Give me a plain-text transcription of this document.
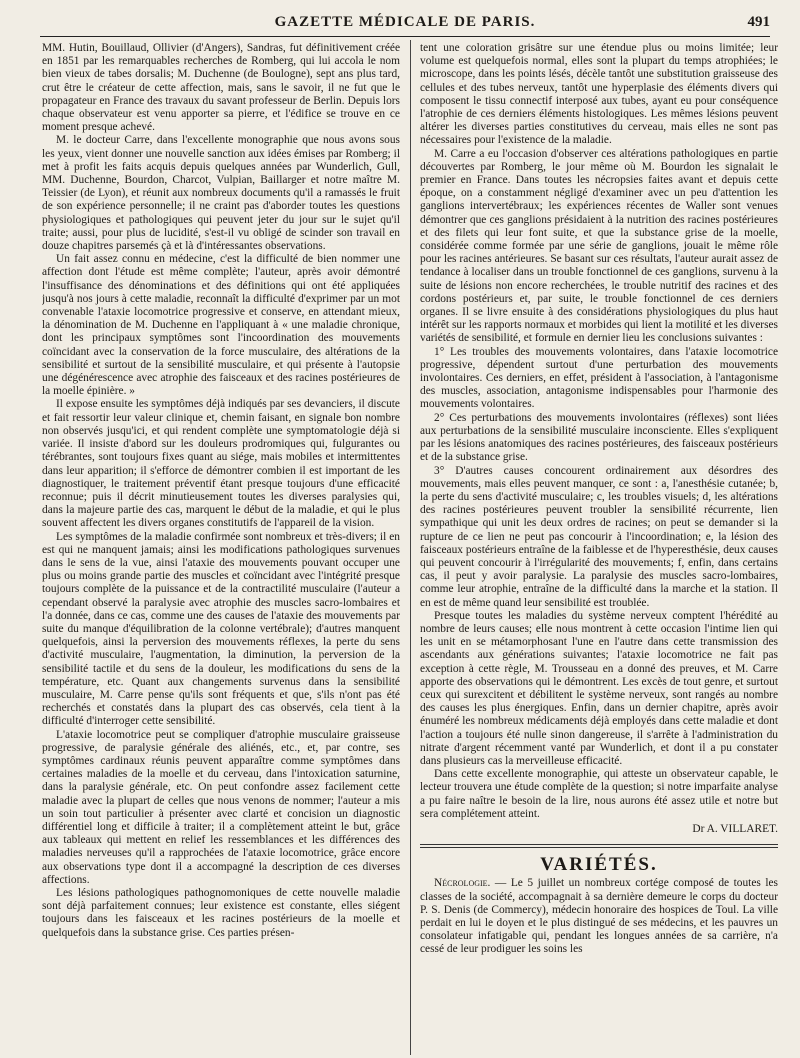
GAZETTE MÉDICALE DE PARIS.	491

MM. Hutin, Bouillaud, Ollivier (d'Angers), Sandras, fut définitivement créée en 1851 par les remarquables recherches de Romberg, qui lui accola le nom bien vieux de tabes dorsalis; M. Duchenne (de Boulogne), sept ans plus tard, crut être le créateur de cette affection, mais, sans le savoir, il ne fut que le propagateur en France des travaux du savant professeur de Berlin. Depuis lors chaque observateur est venu apporter sa pierre, et l'édifice se trouve en ce moment presque achevé.

M. le docteur Carre, dans l'excellente monographie que nous avons sous les yeux, vient donner une nouvelle sanction aux idées émises par Romberg; il met à profit les faits acquis depuis quelques années par Wunderlich, Gull, MM. Duchenne, Bourdon, Charcot, Vulpian, Baillarger et notre maître M. Teissier (de Lyon), et réunit aux nombreux documents qu'il a ramassés le fruit de son expérience personnelle; il ne craint pas d'aborder toutes les questions physiologiques et pathologiques qui peuvent jeter du jour sur le sujet qu'il traite; aussi, pour plus de lucidité, s'est-il vu obligé de scinder son travail en douze chapitres parsemés çà et là d'intéressantes observations.

Un fait assez connu en médecine, c'est la difficulté de bien nommer une affection dont l'étude est même complète; l'auteur, après avoir démontré l'insuffisance des dénominations et des définitions qui ont été appliquées jusqu'à nos jours à cette maladie, reconnaît la difficulté d'exprimer par un mot convenable l'ataxie locomotrice progressive et conserve, en attendant mieux, la dénomination de M. Duchenne en l'appliquant à « une maladie chronique, dont les principaux symptômes sont l'incoordination des mouvements coïncidant avec la conservation de la force musculaire, des altérations de la sensibilité et surtout de la sensibilité musculaire, et qui présente à l'autopsie une dégénérescence avec atrophie des faisceaux et des racines postérieures de la moelle épinière. »

Il expose ensuite les symptômes déjà indiqués par ses devanciers, il discute et fait ressortir leur valeur clinique et, chemin faisant, en signale bon nombre non observés jusqu'ici, et qui rendent complète une symptomatologie déjà si variée. Il insiste d'abord sur les douleurs prodromiques qui, fulgurantes ou térébrantes, sont toujours fixes quant au siége, mais mobiles et intermittentes dans leur apparition; il s'efforce de démontrer combien il est important de les diagnostiquer, le traitement préventif étant presque toujours d'une efficacité reconnue; puis il décrit minutieusement toutes les diverses paralysies qui, dans la majeure partie des cas, marquent le début de la maladie, et qui le plus souvent affectent les divers organes constitutifs de l'appareil de la vision.

Les symptômes de la maladie confirmée sont nombreux et très-divers; il en est qui ne manquent jamais; ainsi les modifications pathologiques survenues dans le sens de la vue, ainsi l'ataxie des mouvements pouvant occuper une plus ou moins grande partie des muscles et coïncidant avec l'intégrité presque toujours complète de la puissance et de la contractilité musculaire (l'auteur a cependant observé la paralysie avec atrophie des muscles sacro-lombaires et l'a donnée, dans ce cas, comme une des causes de l'ataxie des mouvements par suite du manque d'équilibration de la colonne vertébrale); d'autres manquent quelquefois, ainsi la perversion des mouvements réflexes, la perte du sens d'activité musculaire, l'augmentation, la diminution, la perversion de la sensibilité tactile et du sens de la douleur, les modifications du sens de la température, etc. Quant aux changements survenus dans la sensibilité musculaire, M. Carre pense qu'ils sont fréquents et que, s'ils n'ont pas été recherchés et constatés dans la plupart des cas observés, cela tient à la difficulté d'interroger cette sensibilité.

L'ataxie locomotrice peut se compliquer d'atrophie musculaire graisseuse progressive, de paralysie générale des aliénés, etc., et, par contre, ses symptômes cardinaux réunis peuvent apparaître comme symptômes dans certaines maladies de la moelle et du cerveau, dans l'intoxication saturnine, dans la paralysie générale, etc. On peut confondre assez facilement cette maladie avec la plupart de celles que nous venons de nommer; l'auteur a mis un soin tout particulier à présenter avec clarté et concision un diagnostic différentiel long et difficile à traiter; il a complètement atteint le but, grâce aux tableaux qui mettent en relief les ressemblances et les différences des maladies nerveuses qu'il a rapprochées de l'ataxie locomotrice, grâce encore aux observations type dont il a accompagné la description de ces diverses affections.

Les lésions pathologiques pathognomoniques de cette nouvelle maladie sont déjà parfaitement connues; leur existence est constante, elles siégent toujours dans les faisceaux et les racines postérieurs de la moelle et quelquefois dans la substance grise. Ces parties présen-

tent une coloration grisâtre sur une étendue plus ou moins limitée; leur volume est quelquefois normal, elles sont la plupart du temps atrophiées; le microscope, dans les points lésés, décèle tantôt une substitution graisseuse des cellules et des tubes nerveux, tantôt une hyperplasie des éléments divers qui composent le tissu connectif interposé aux tubes, ayant eu pour conséquence l'atrophie de ces derniers éléments histologiques. Les mêmes lésions peuvent altérer les diverses parties constitutives du cerveau, mais elles ne sont pas nécessaires pour l'existence de la maladie.

M. Carre a eu l'occasion d'observer ces altérations pathologiques en partie découvertes par Romberg, le jour même où M. Bourdon les signalait le premier en France. Dans toutes les nécropsies faites avant et depuis cette époque, on a constamment négligé d'examiner avec un peu d'attention les ganglions intervertébraux; les expériences récentes de Waller sont venues démontrer que ces ganglions présidaient à la nutrition des racines postérieures et des filets qui leur font suite, et que la substance grise de la moelle, considérée comme formée par une série de ganglions, jouait le même rôle pour les racines antérieures. Se basant sur ces résultats, l'auteur aurait assez de tendance à localiser dans un trouble fonctionnel de ces ganglions, survenu à la suite de lésions non encore recherchées, le trouble nutritif des racines et des cordons postérieurs et, par suite, le trouble fonctionnel de ces derniers organes. Il se livre ensuite à des considérations physiologiques du plus haut intérêt sur les rapports normaux et morbides qui lient la motilité et les diverses variétés de sensibilité, et formule en dernier lieu les conclusions suivantes :

1° Les troubles des mouvements volontaires, dans l'ataxie locomotrice progressive, dépendent surtout d'une perturbation des mouvements involontaires. Ces derniers, en effet, président à l'association, à l'antagonisme des muscles, association, antagonisme indispensables pour l'harmonie des mouvements volontaires.

2° Ces perturbations des mouvements involontaires (réflexes) sont liées aux perturbations de la sensibilité musculaire inconsciente. Elles s'expliquent par les lésions anatomiques des racines postérieures, des faisceaux postérieurs et de la substance grise.

3° D'autres causes concourent ordinairement aux désordres des mouvements, mais elles peuvent manquer, ce sont : a, l'anesthésie cutanée; b, la perte du sens d'activité musculaire; c, les troubles visuels; d, les altérations des racines postérieures peuvent troubler la sensibilité récurrente, lien sympathique qui unit les deux ordres de racines; on peut se demander si la rupture de ce lien ne peut pas concourir à l'incoordination; e, la lésion des faisceaux postérieurs entraîne de la faiblesse et de l'hyperesthésie, deux causes qui peuvent concourir à l'irrégularité des mouvements; f, enfin, dans certains cas, il peut y avoir paralysie. La paralysie des muscles sacro-lombaires, comme leur atrophie, entraîne de la difficulté dans la marche et la station. Il en est de même quand leur sensibilité est troublée.

Presque toutes les maladies du système nerveux comptent l'hérédité au nombre de leurs causes; elle nous montrent à cette occasion l'intime lien qui les unit en se métamorphosant l'une en l'autre dans cette transmission des ascendants aux générations suivantes; l'ataxie locomotrice ne fait pas exception à cette règle, M. Trousseau en a donné des preuves, et M. Carre apporte des observations qui le démontrent. Les excès de tout genre, et surtout ceux qui surexcitent et débilitent le système nerveux, sont rangés au nombre des causes les plus énergiques. Enfin, dans un dernier chapitre, après avoir énuméré les nombreux médicaments déjà employés dans cette maladie et dont l'action a toujours été nulle sinon dangereuse, il s'arrête à l'administration du nitrate d'argent récemment vanté par Wunderlich, et dont il a pu constater dans plusieurs cas la merveilleuse efficacité.

Dans cette excellente monographie, qui atteste un observateur capable, le lecteur trouvera une étude complète de la question; si notre imparfaite analyse a pu faire naître le besoin de la lire, nous aurons été assez utile et notre but sera complétement atteint.

Dr A. VILLARET.
VARIÉTÉS.

Nécrologie. — Le 5 juillet un nombreux cortége composé de toutes les classes de la société, accompagnait à sa dernière demeure le corps du docteur P. S. Denis (de Commercy), médecin honoraire des hospices de Toul. La ville perdait en lui le doyen et le plus distingué de ses médecins, et les pauvres un consolateur infatigable qui, pendant les longues années de sa carrière, n'a cessé de leur prodiguer les soins les
